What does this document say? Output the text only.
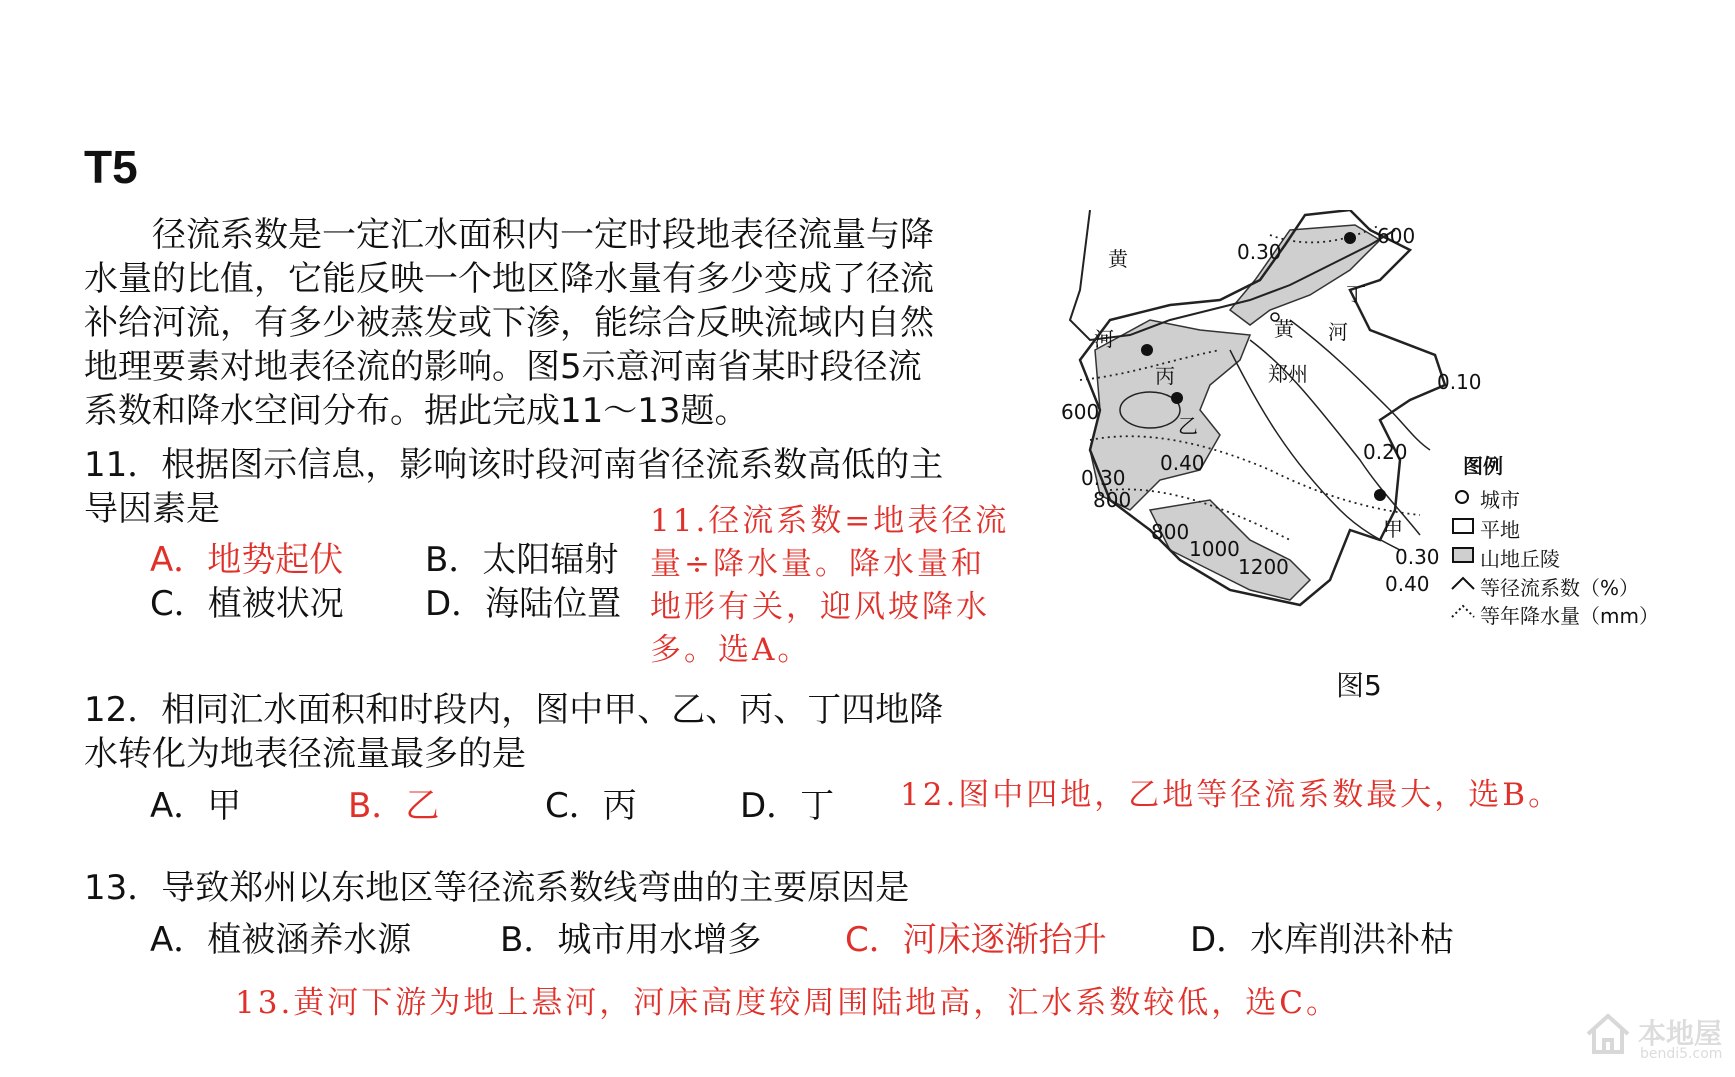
T5
　　径流系数是一定汇水面积内一定时段地表径流量与降
水量的比值，它能反映一个地区降水量有多少变成了径流
补给河流，有多少被蒸发或下渗，能综合反映流域内自然
地理要素对地表径流的影响。图5示意河南省某时段径流
系数和降水空间分布。据此完成11～13题。
11．根据图示信息，影响该时段河南省径流系数高低的主
导因素是
A．地势起伏 B．太阳辐射
C．植被状况 D．海陆位置
11.径流系数=地表径流
量÷降水量。降水量和
地形有关，迎风坡降水
多。选A。
12．相同汇水面积和时段内，图中甲、乙、丙、丁四地降
水转化为地表径流量最多的是
A．甲	B．乙	C．丙	D．丁 12.图中四地，乙地等径流系数最大，选B。
13．导致郑州以东地区等径流系数线弯曲的主要原因是
A．植被涵养水源	B．城市用水增多 C．河床逐渐抬升 D．水库削洪补枯
13.黄河下游为地上悬河，河床高度较周围陆地高，汇水系数较低，选C。
黄
河	黄 河
郑州
甲
乙
丙
丁
600
0.30
0.10
600
0.20
0.30
800
0.40
800
1000
1200	0.30
0.40
图例
城市
平地
山地丘陵
等径流系数（%）
等年降水量（mm）
图5
本地屋
bendi5.com
